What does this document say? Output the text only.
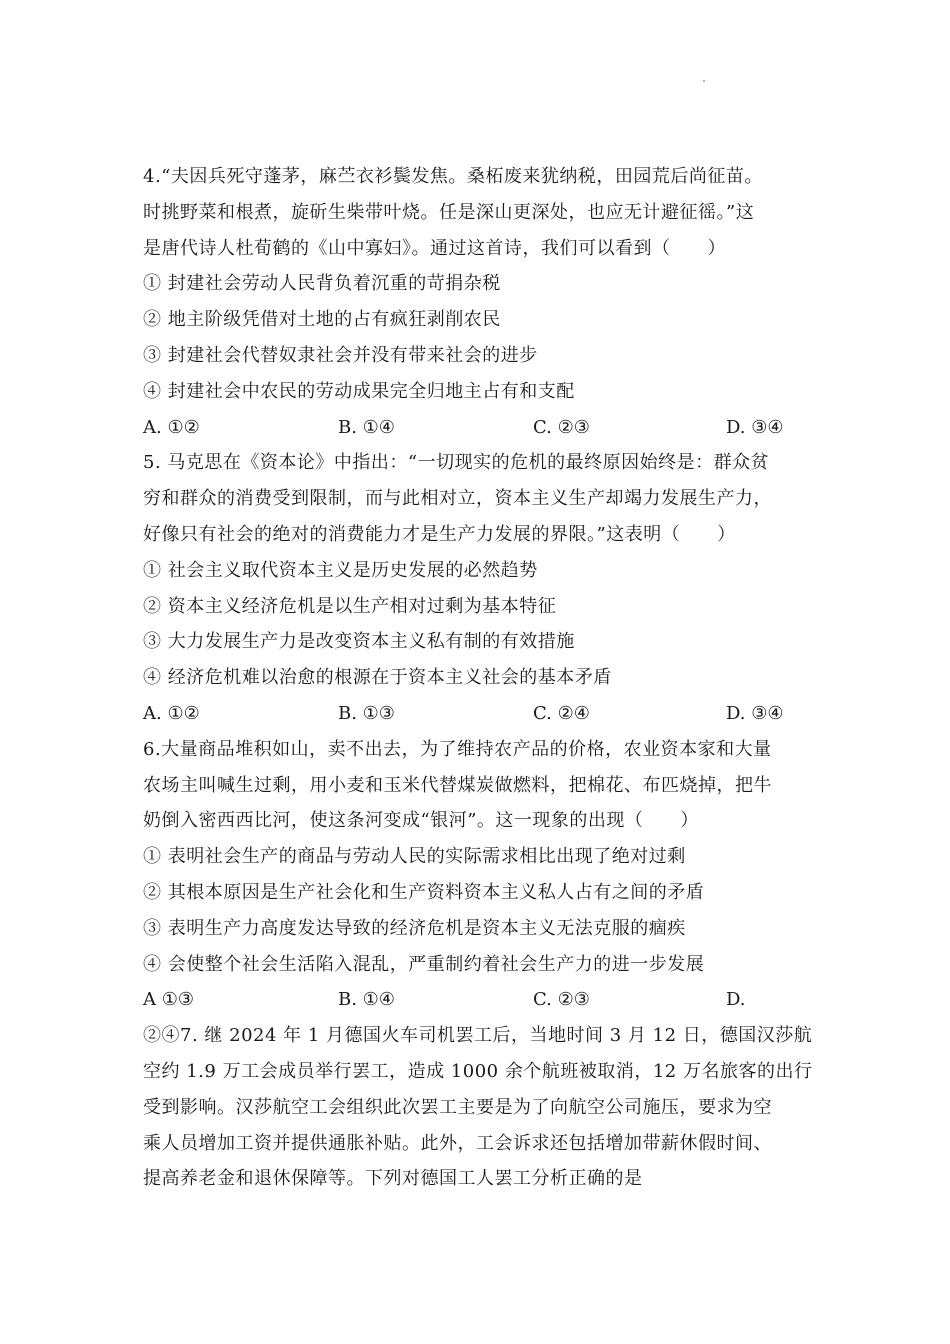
4.“夫因兵死守蓬茅，麻苎衣衫鬓发焦。桑柘废来犹纳税，田园荒后尚征苗。
时挑野菜和根煮，旋斫生柴带叶烧。任是深山更深处，也应无计避征徭。”这
是唐代诗人杜荀鹤的《山中寡妇》。通过这首诗，我们可以看到（　　）
① 封建社会劳动人民背负着沉重的苛捐杂税
② 地主阶级凭借对土地的占有疯狂剥削农民
③ 封建社会代替奴隶社会并没有带来社会的进步
④ 封建社会中农民的劳动成果完全归地主占有和支配
A. ①②	B. ①④	C. ②③	D. ③④
5. 马克思在《资本论》中指出：“一切现实的危机的最终原因始终是：群众贫
穷和群众的消费受到限制，而与此相对立，资本主义生产却竭力发展生产力，
好像只有社会的绝对的消费能力才是生产力发展的界限。”这表明（　　）
① 社会主义取代资本主义是历史发展的必然趋势
② 资本主义经济危机是以生产相对过剩为基本特征
③ 大力发展生产力是改变资本主义私有制的有效措施
④ 经济危机难以治愈的根源在于资本主义社会的基本矛盾
A. ①②	B. ①③	C. ②④	D. ③④
6.大量商品堆积如山，卖不出去，为了维持农产品的价格，农业资本家和大量
农场主叫喊生过剩，用小麦和玉米代替煤炭做燃料，把棉花、布匹烧掉，把牛
奶倒入密西西比河，使这条河变成“银河”。这一现象的出现（　　）
① 表明社会生产的商品与劳动人民的实际需求相比出现了绝对过剩
② 其根本原因是生产社会化和生产资料资本主义私人占有之间的矛盾
③ 表明生产力高度发达导致的经济危机是资本主义无法克服的痼疾
④ 会使整个社会生活陷入混乱，严重制约着社会生产力的进一步发展
A ①③	B. ①④	C. ②③	D.
②④7. 继 2024 年 1 月德国火车司机罢工后，当地时间 3 月 12 日，德国汉莎航
空约 1.9 万工会成员举行罢工，造成 1000 余个航班被取消，12 万名旅客的出行
受到影响。汉莎航空工会组织此次罢工主要是为了向航空公司施压，要求为空
乘人员增加工资并提供通胀补贴。此外，工会诉求还包括增加带薪休假时间、
提高养老金和退休保障等。下列对德国工人罢工分析正确的是
